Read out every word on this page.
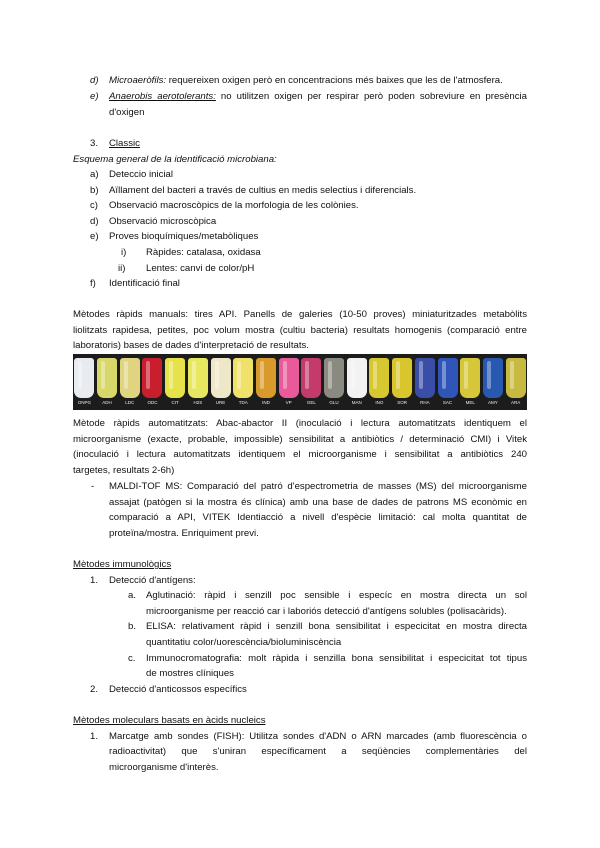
d) Microaeròfils: requereixen oxigen però en concentracions més baixes que les de l'atmosfera.
e) Anaerobis aerotolerants: no utilitzen oxigen per respirar però poden sobreviure en presència
d'oxigen
3. Classic
Esquema general de la identificació microbiana:
a) Deteccio inicial
b) Aïllament del bacteri a través de cultius en medis selectius i diferencials.
c) Observació macroscòpics de la morfologia de les colònies.
d) Observació microscòpica
e) Proves bioquímiques/metabòliques
i) Ràpides: catalasa, oxidasa
ii) Lentes: canvi de color/pH
f) Identificació final
Mètodes ràpids manuals: tires API. Panells de galeries (10-50 proves) miniaturitzades metabòlits
liolitzats rapidesa, petites, poc volum mostra (cultiu bacteria) resultats homogenis (comparació entre
laboratoris) bases de dades d'interpretació de resultats.
ONPG	ADH	LDC	ODC	CIT	H2S	URE	TDA	IND	VP	GEL	GLU	MAN	INO	SOR	RHA	SAC	MEL	AMY	ARA
Mètode ràpids automatitzats: Abac-abactor II (inoculació i lectura automatitzats identiquem el
microorganisme (exacte, probable, impossible) sensibilitat a antibiòtics / determinació CMI) i Vitek
(inoculació i lectura automatitzats identiquem el microorganisme i sensibilitat a antibiòtics 240
targetes, resultats 2-6h)
- MALDI-TOF MS: Comparació del patró d'espectrometria de masses (MS) del microorganisme
assajat (patògen si la mostra és clínica) amb una base de dades de patrons MS econòmic en
comparació a API, VITEK Identiacció a nivell d'espècie limitació: cal molta quantitat de
proteïna/mostra. Enriquiment previ.
Mètodes immunològics
1. Detecció d'antígens:
a. Aglutinació: ràpid i senzill poc sensible i especíc en mostra directa un sol
microorganisme per reacció car i laboriós detecció d'antígens solubles (polisacàrids).
b. ELISA: relativament ràpid i senzill bona sensibilitat i especicitat en mostra directa
quantitatiu color/uorescència/bioluminiscència
c. Immunocromatografia: molt ràpida i senzilla bona sensibilitat i especicitat tot tipus
de mostres clíniques
2. Detecció d'anticossos específics
Mètodes moleculars basats en àcids nucleics
1. Marcatge amb sondes (FISH): Utilitza sondes d'ADN o ARN marcades (amb fluorescència o
radioactivitat) que s'uniran específicament a seqüències complementàries del
microorganisme d'interès.
